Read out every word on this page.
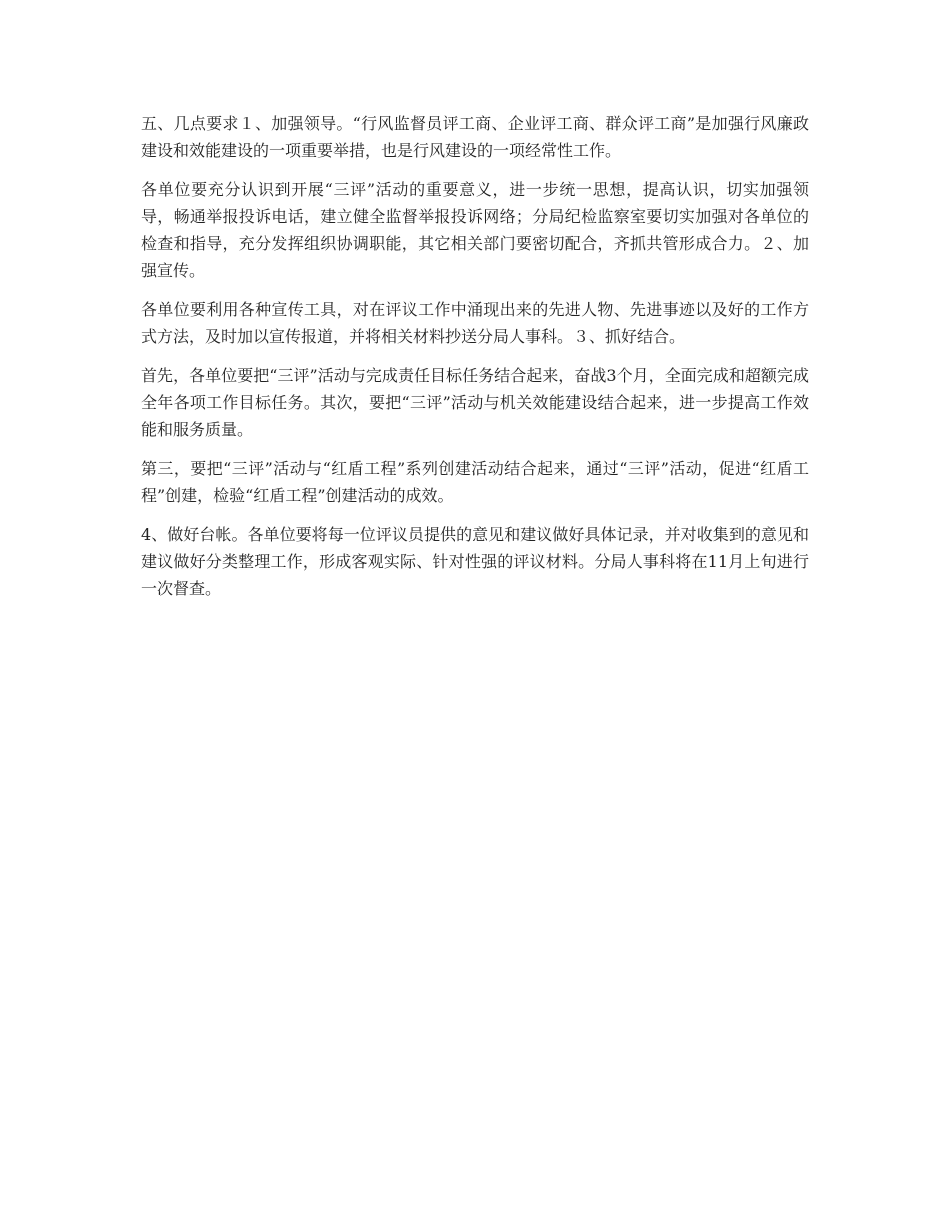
五、几点要求１、加强领导。“行风监督员评工商、企业评工商、群众评工商”是加强行风廉政建设和效能建设的一项重要举措，也是行风建设的一项经常性工作。

各单位要充分认识到开展“三评”活动的重要意义，进一步统一思想，提高认识，切实加强领导，畅通举报投诉电话，建立健全监督举报投诉网络；分局纪检监察室要切实加强对各单位的检查和指导，充分发挥组织协调职能，其它相关部门要密切配合，齐抓共管形成合力。２、加强宣传。

各单位要利用各种宣传工具，对在评议工作中涌现出来的先进人物、先进事迹以及好的工作方式方法，及时加以宣传报道，并将相关材料抄送分局人事科。３、抓好结合。

首先，各单位要把“三评”活动与完成责任目标任务结合起来，奋战3个月，全面完成和超额完成全年各项工作目标任务。其次，要把“三评”活动与机关效能建设结合起来，进一步提高工作效能和服务质量。

第三，要把“三评”活动与“红盾工程”系列创建活动结合起来，通过“三评”活动，促进“红盾工程”创建，检验“红盾工程”创建活动的成效。

4、做好台帐。各单位要将每一位评议员提供的意见和建议做好具体记录，并对收集到的意见和建议做好分类整理工作，形成客观实际、针对性强的评议材料。分局人事科将在11月上旬进行一次督查。
